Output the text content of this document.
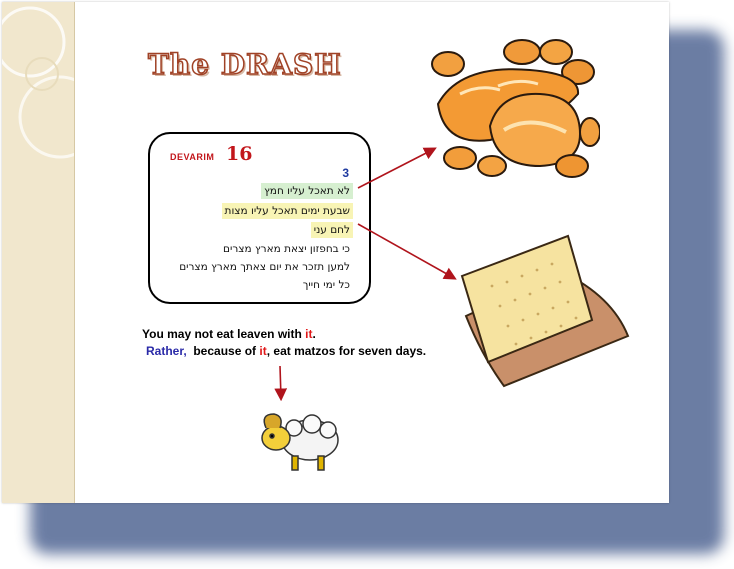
The DRASH
DEVARIM 16
3
לא תאכל עליו חמץ
שבעת ימים תאכל עליו מצות
לחם עני
כי בחפזון יצאת מארץ מצרים
למען תזכר את יום צאתך מארץ מצרים
כל ימי חייך
You may not eat leaven with it.
Rather,  because of it, eat matzos for seven days.
